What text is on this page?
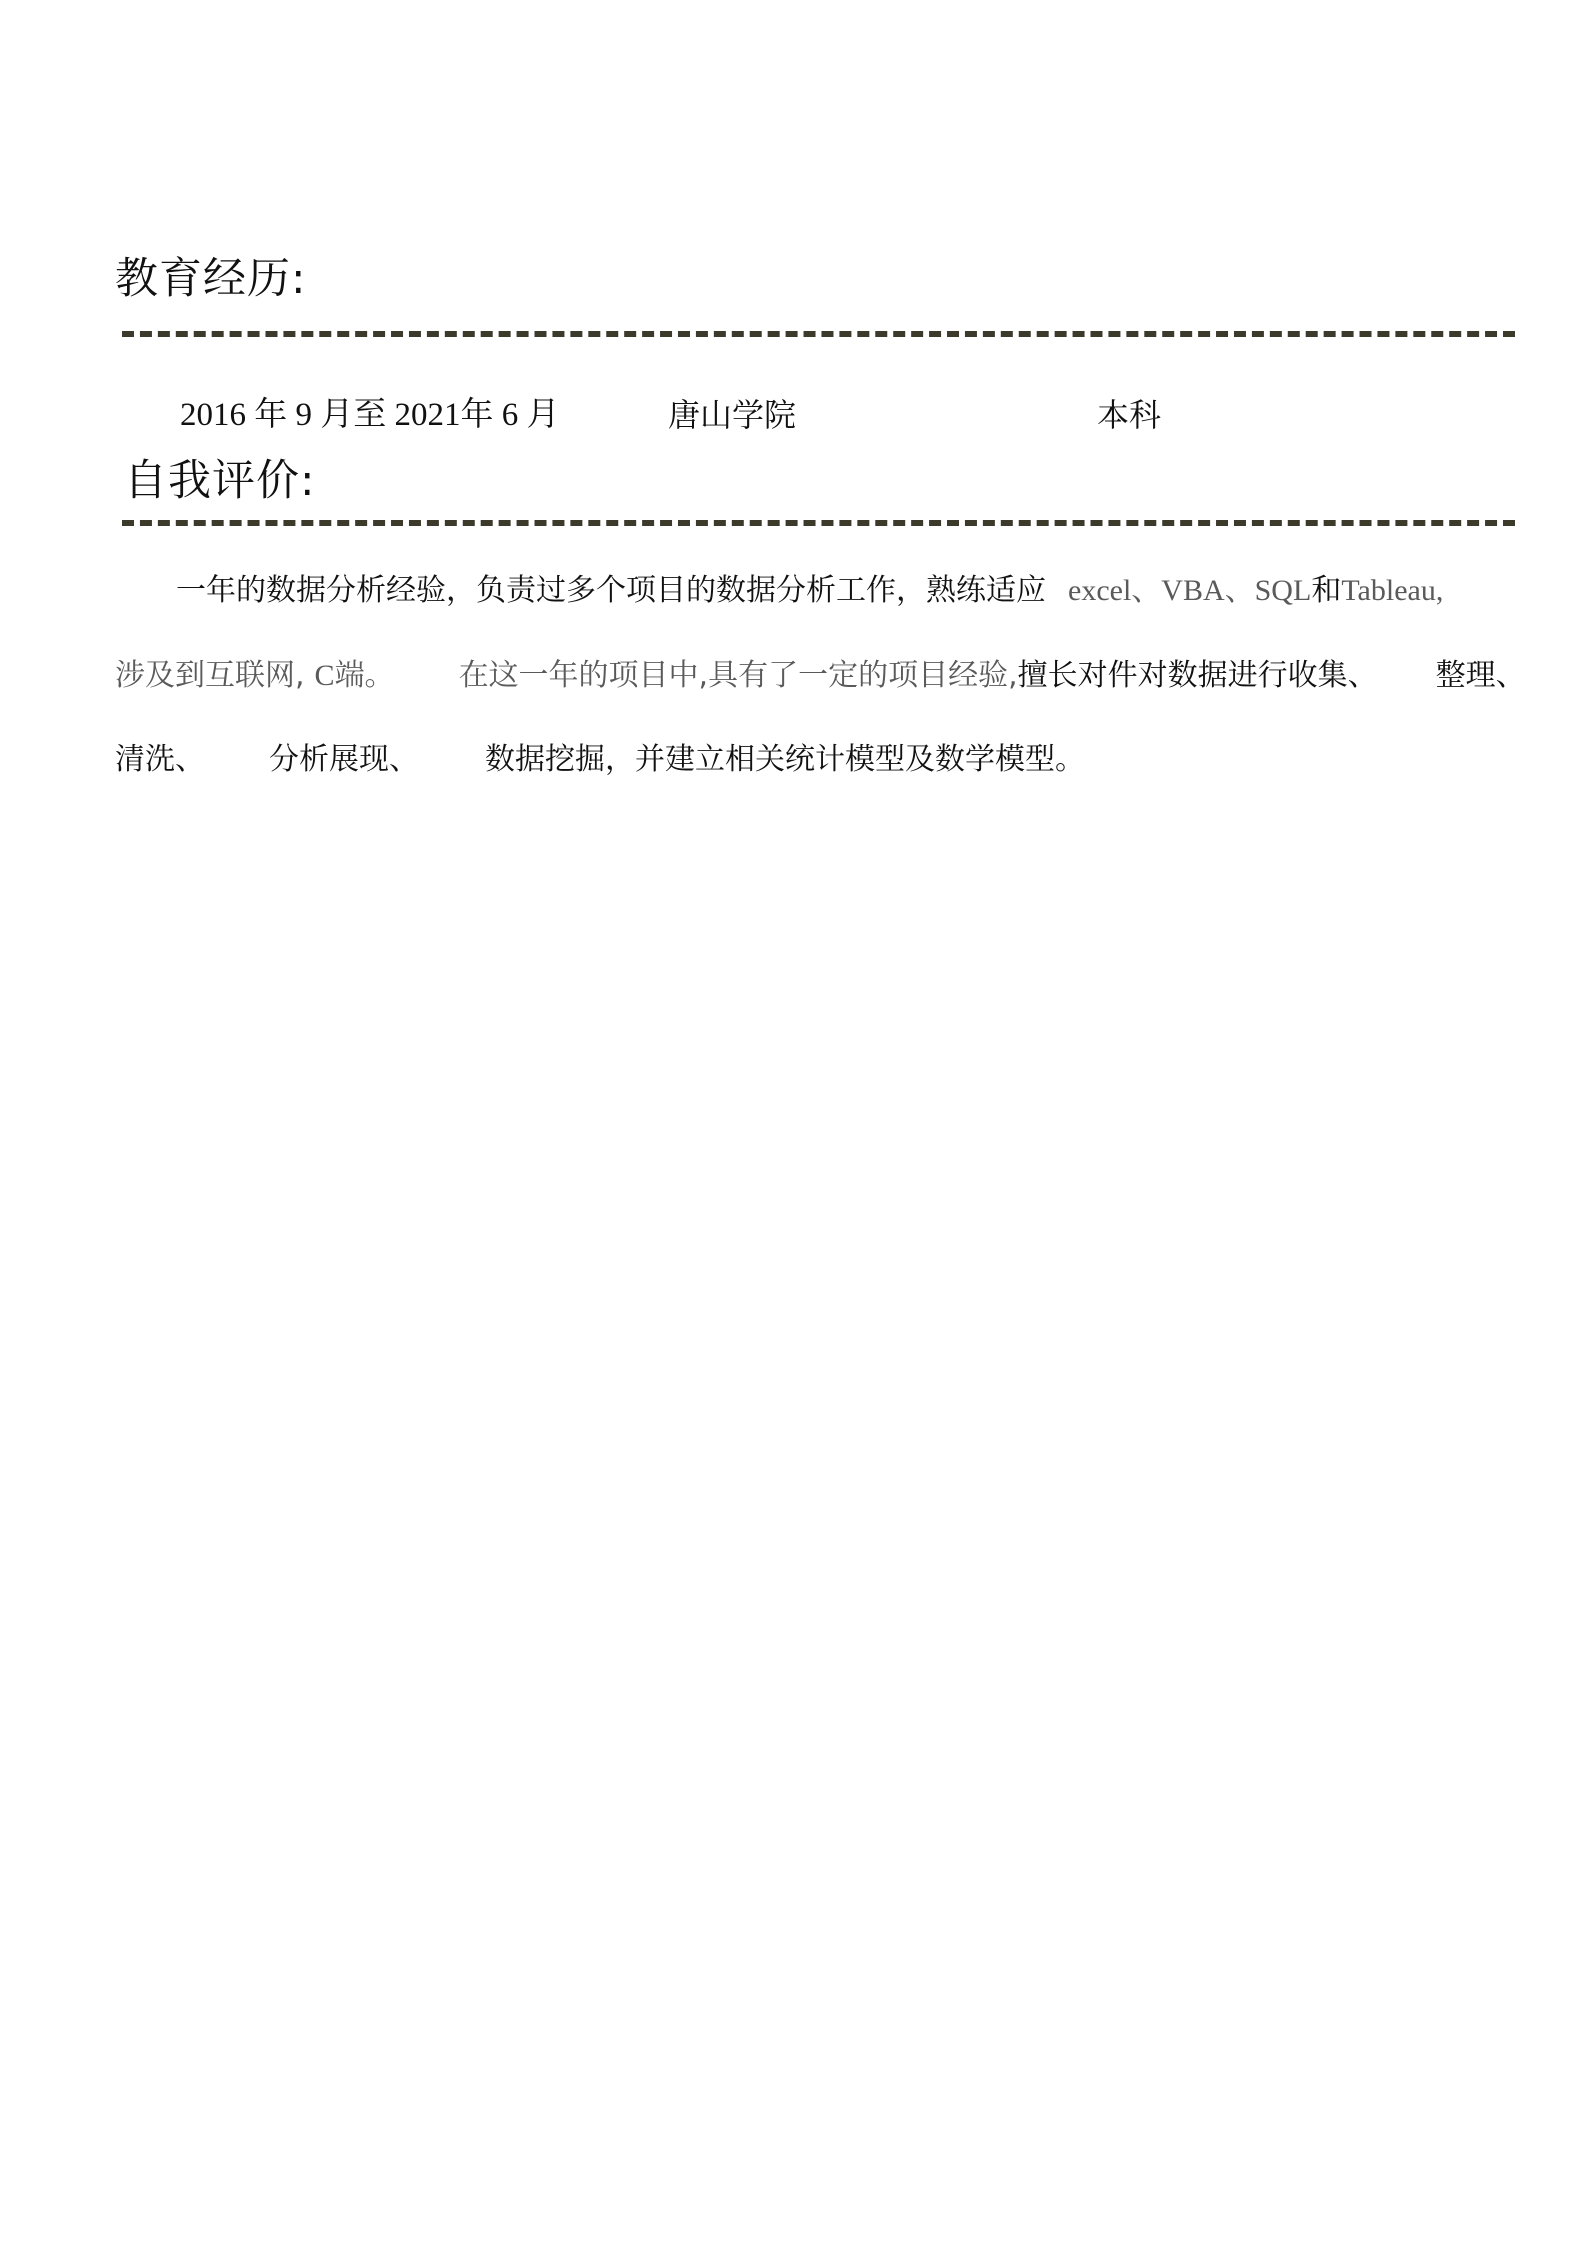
教育经历:
2016 年 9 月至 2021年 6 月	唐山学院	本科
自我评价:
一年的数据分析经验，负责过多个项目的数据分析工作，熟练适应 excel、VBA、SQL和Tableau,
涉及到互联网, C端。 在这一年的项目中,具有了一定的项目经验,擅长对件对数据进行收集、 整理、
清洗、 分析展现、 数据挖掘，并建立相关统计模型及数学模型。
